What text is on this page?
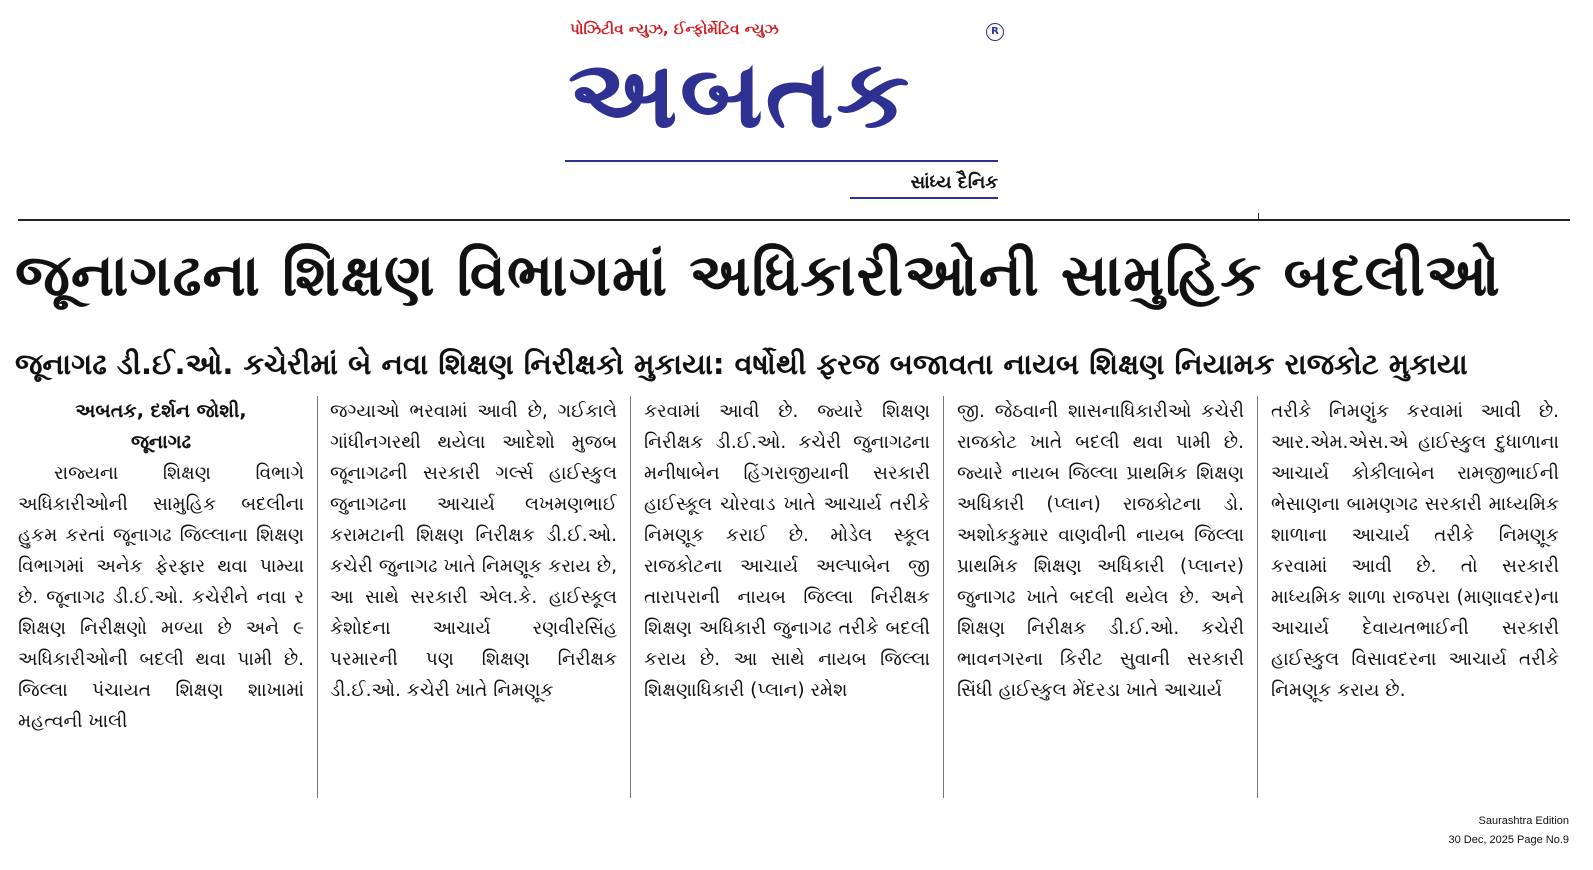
પોઝિટીવ ન્યુઝ, ઈન્ફોર્મેટિવ ન્યુઝ
અબતક
R
સાંધ્ય દૈનિક
જૂનાગઢના શિક્ષણ વિભાગમાં અધિકારીઓની સામુહિક બદલીઓ
જૂનાગઢ ડી.ઈ.ઓ. કચેરીમાં બે નવા શિક્ષણ નિરીક્ષકો મુકાયા: વર્ષોથી ફરજ બજાવતા નાયબ શિક્ષણ નિયામક રાજકોટ મુકાયા
અબતક, દર્શન જોશી,
જૂનાગઢ

રાજ્યના શિક્ષણ વિભાગે અધિકારીઓની સામુહિક બદલીના હુકમ કરતાં જૂનાગઢ જિલ્લાના શિક્ષણ વિભાગમાં અનેક ફેરફાર થવા પામ્યા છે. જૂનાગઢ ડી.ઈ.ઓ. કચેરીને નવા ર શિક્ષણ નિરીક્ષણો મળ્યા છે અને ૯ અધિકારીઓની બદલી થવા પામી છે. જિલ્લા પંચાયત શિક્ષણ શાખામાં મહત્વની ખાલી

જગ્યાઓ ભરવામાં આવી છે, ગઈકાલે ગાંધીનગરથી થયેલા આદેશો મુજબ જૂનાગઢની સરકારી ગર્લ્સ હાઈસ્કુલ જુનાગઢના આચાર્ય લખમણભાઈ કરામટાની શિક્ષણ નિરીક્ષક ડી.ઈ.ઓ. કચેરી જુનાગઢ ખાતે નિમણૂક કરાય છે, આ સાથે સરકારી એલ.કે. હાઈસ્કૂલ કેશોદના આચાર્ય રણવીરસિંહ પરમારની પણ શિક્ષણ નિરીક્ષક ડી.ઈ.ઓ. કચેરી ખાતે નિમણૂક

કરવામાં આવી છે. જ્યારે શિક્ષણ નિરીક્ષક ડી.ઈ.ઓ. કચેરી જુનાગઢના મનીષાબેન હિંગરાજીયાની સરકારી હાઈસ્કૂલ ચોરવાડ ખાતે આચાર્ય તરીકે નિમણૂક કરાઈ છે. મોડેલ સ્કૂલ રાજકોટના આચાર્ય અલ્પાબેન જી તારાપરાની નાયબ જિલ્લા નિરીક્ષક શિક્ષણ અધિકારી જુનાગઢ તરીકે બદલી કરાય છે. આ સાથે નાયબ જિલ્લા શિક્ષણાધિકારી (પ્લાન) રમેશ

જી. જેઠવાની શાસનાધિકારીઓ કચેરી રાજકોટ ખાતે બદલી થવા પામી છે. જ્યારે નાયબ જિલ્લા પ્રાથમિક શિક્ષણ અધિકારી (પ્લાન) રાજકોટના ડો. અશોકકુમાર વાણવીની નાયબ જિલ્લા પ્રાથમિક શિક્ષણ અધિકારી (પ્લાનર) જુનાગઢ ખાતે બદલી થયેલ છે. અને શિક્ષણ નિરીક્ષક ડી.ઈ.ઓ. કચેરી ભાવનગરના કિરીટ સુવાની સરકારી સિંધી હાઈસ્કુલ મેંદરડા ખાતે આચાર્ય

તરીકે નિમણુંક કરવામાં આવી છે. આર.એમ.એસ.એ હાઈસ્કુલ દુધાળાના આચાર્ય કોકીલાબેન રામજીભાઈની ભેસાણના બામણગઢ સરકારી માધ્યમિક શાળાના આચાર્ય તરીકે નિમણૂક કરવામાં આવી છે. તો સરકારી માધ્યમિક શાળા રાજપરા (માણાવદર)ના આચાર્ય દેવાયતભાઈની સરકારી હાઈસ્કુલ વિસાવદરના આચાર્ય તરીકે નિમણૂક કરાય છે.

Saurashtra Edition
30 Dec, 2025 Page No.9
